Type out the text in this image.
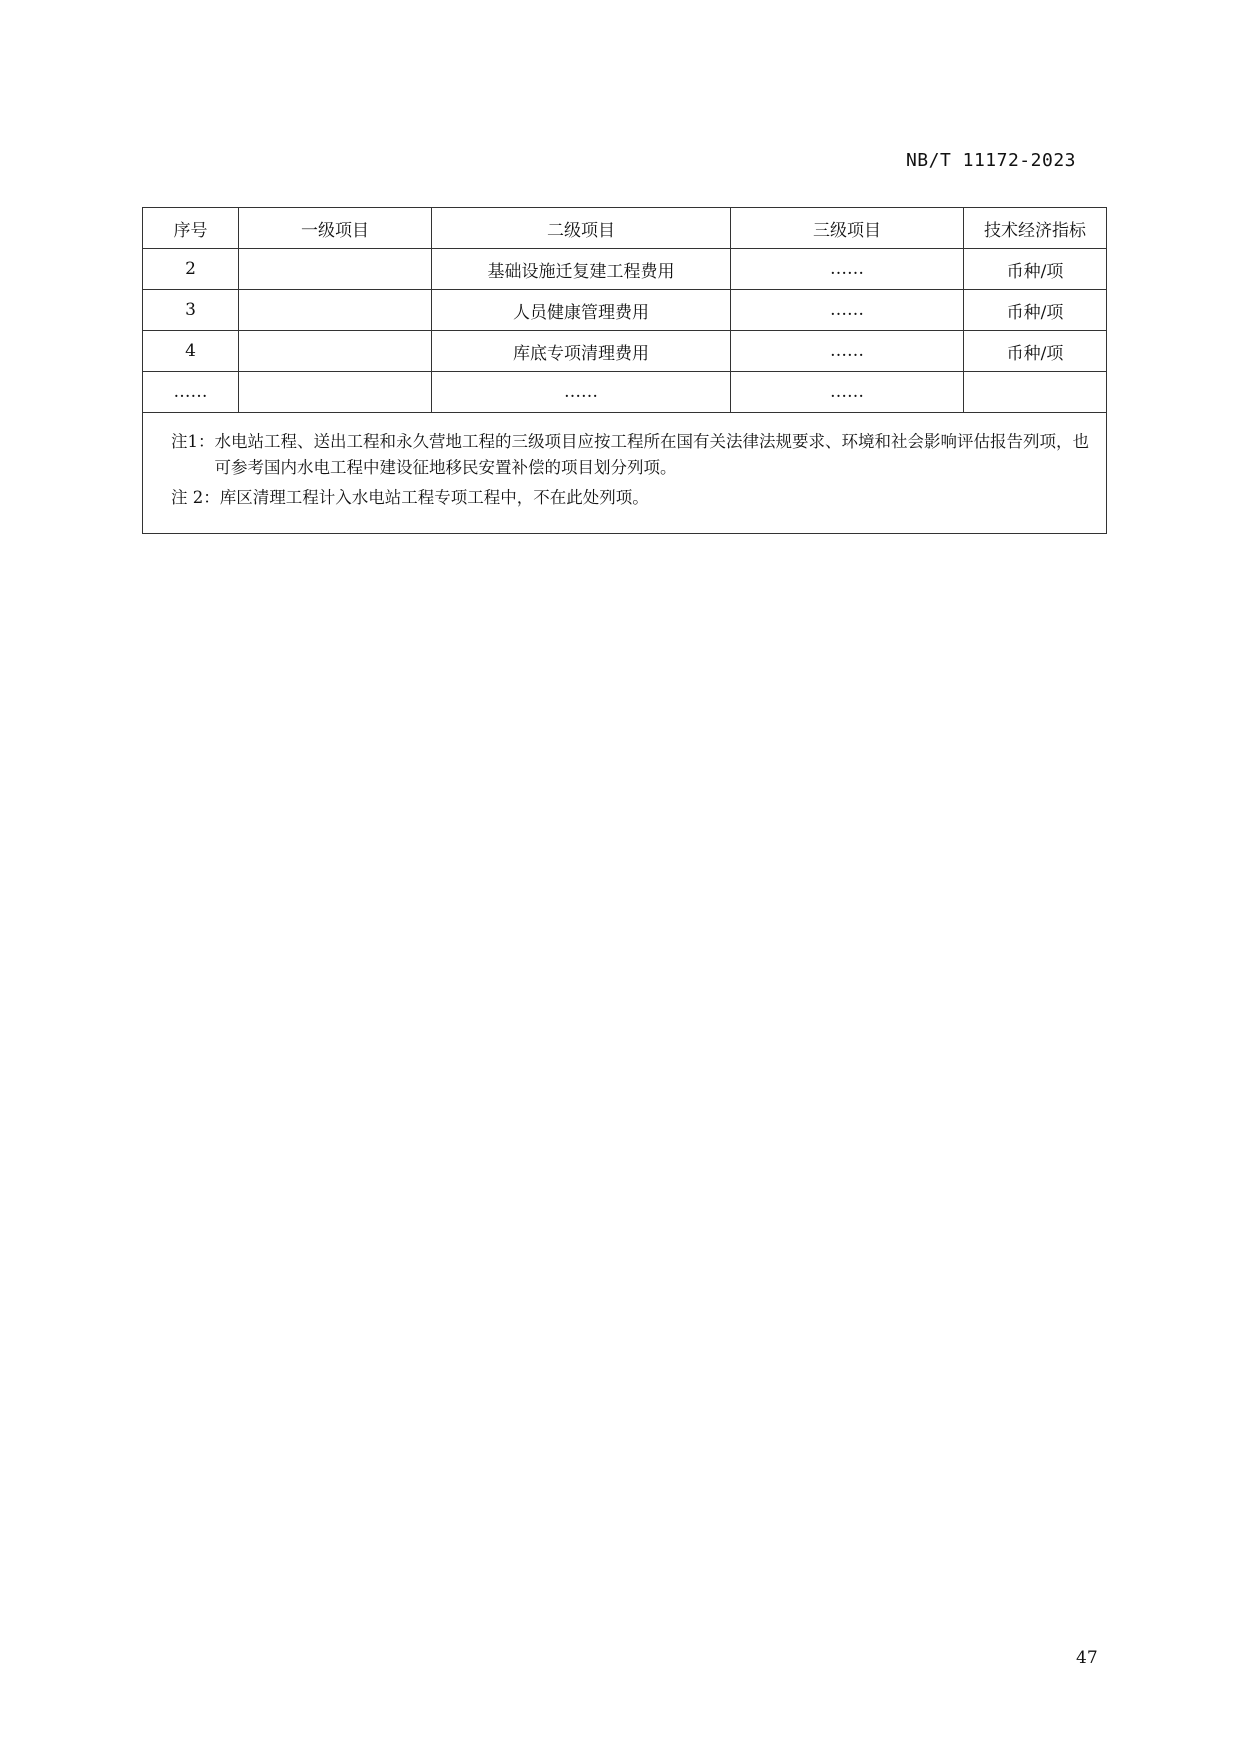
NB/T 11172-2023
序号	一级项目	二级项目	三级项目	技术经济指标
2		基础设施迁复建工程费用	……	币种/项
3		人员健康管理费用	……	币种/项
4		库底专项清理费用	……	币种/项
……		……	……	

注1： 水电站工程、送出工程和永久营地工程的三级项目应按工程所在国有关法律法规要求、环境和社会影响评估报告列项，也可参考国内水电工程中建设征地移民安置补偿的项目划分列项。
注 2： 库区清理工程计入水电站工程专项工程中，不在此处列项。				
47
